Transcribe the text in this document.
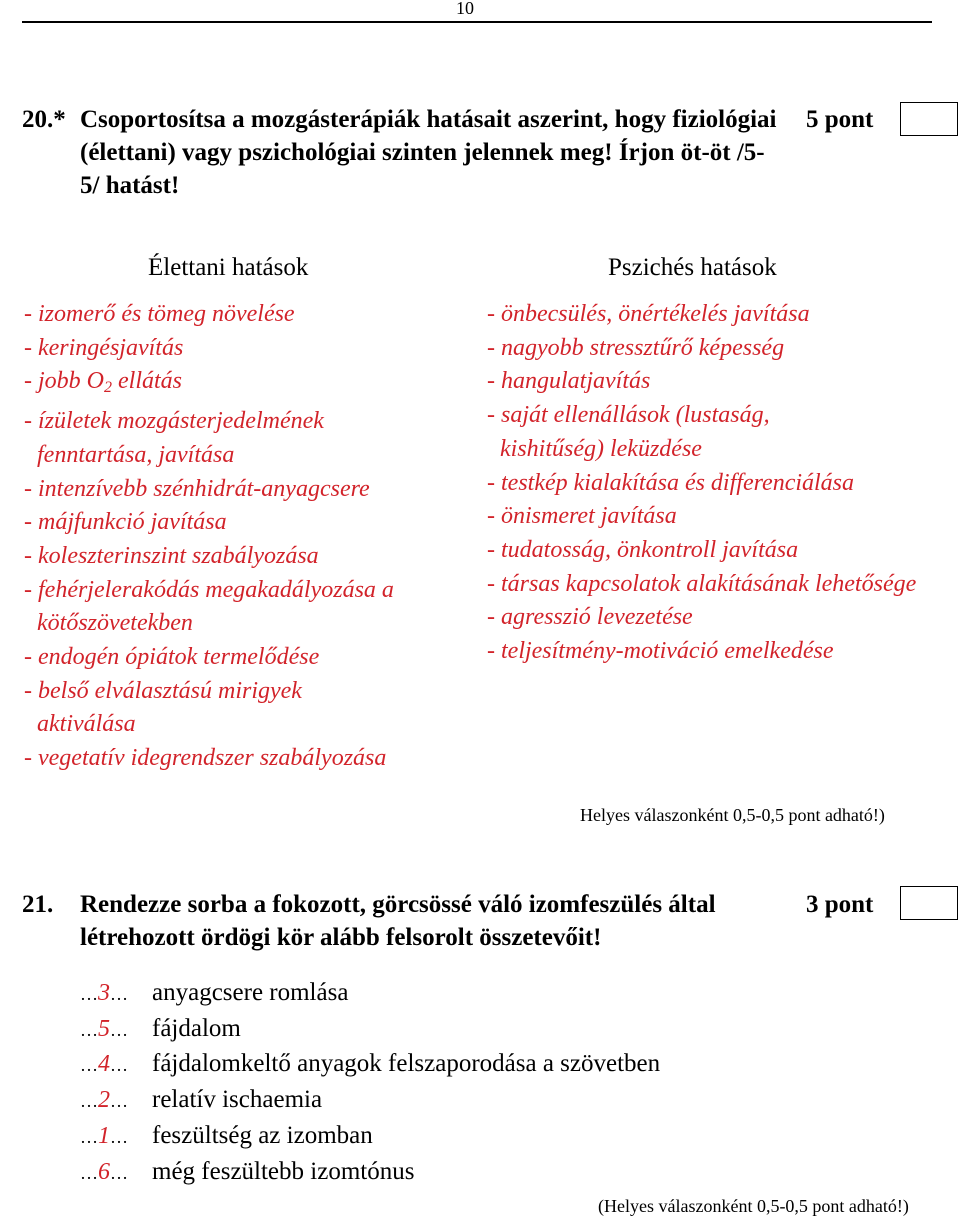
10
20.* Csoportosítsa a mozgásterápiák hatásait aszerint, hogy fiziológiai (élettani) vagy pszichológiai szinten jelennek meg! Írjon öt-öt /5-5/ hatást!
5 pont
Élettani hatások	Pszichés hatások
- izomerő és tömeg növelése
- keringésjavítás
- jobb O2 ellátás
- ízületek mozgásterjedelmének fenntartása, javítása
- intenzívebb szénhidrát-anyagcsere
- májfunkció javítása
- koleszterinszint szabályozása
- fehérjelerakódás megakadályozása a kötőszövetekben
- endogén ópiátok termelődése
- belső elválasztású mirigyek aktiválása
- vegetatív idegrendszer szabályozása
- önbecsülés, önértékelés javítása
- nagyobb stressztűrő képesség
- hangulatjavítás
- saját ellenállások (lustaság, kishitűség) leküzdése
- testkép kialakítása és differenciálása
- önismeret javítása
- tudatosság, önkontroll javítása
- társas kapcsolatok alakításának lehetősége
- agresszió levezetése
- teljesítmény-motiváció emelkedése
Helyes válaszonként 0,5-0,5 pont adható!)
21. Rendezze sorba a fokozott, görcsössé váló izomfeszülés által létrehozott ördögi kör alább felsorolt összetevőit!
3 pont
…3… anyagcsere romlása
…5… fájdalom
…4… fájdalomkeltő anyagok felszaporodása a szövetben
…2… relatív ischaemia
…1… feszültség az izomban
…6… még feszültebb izomtónus
(Helyes válaszonként 0,5-0,5 pont adható!)
